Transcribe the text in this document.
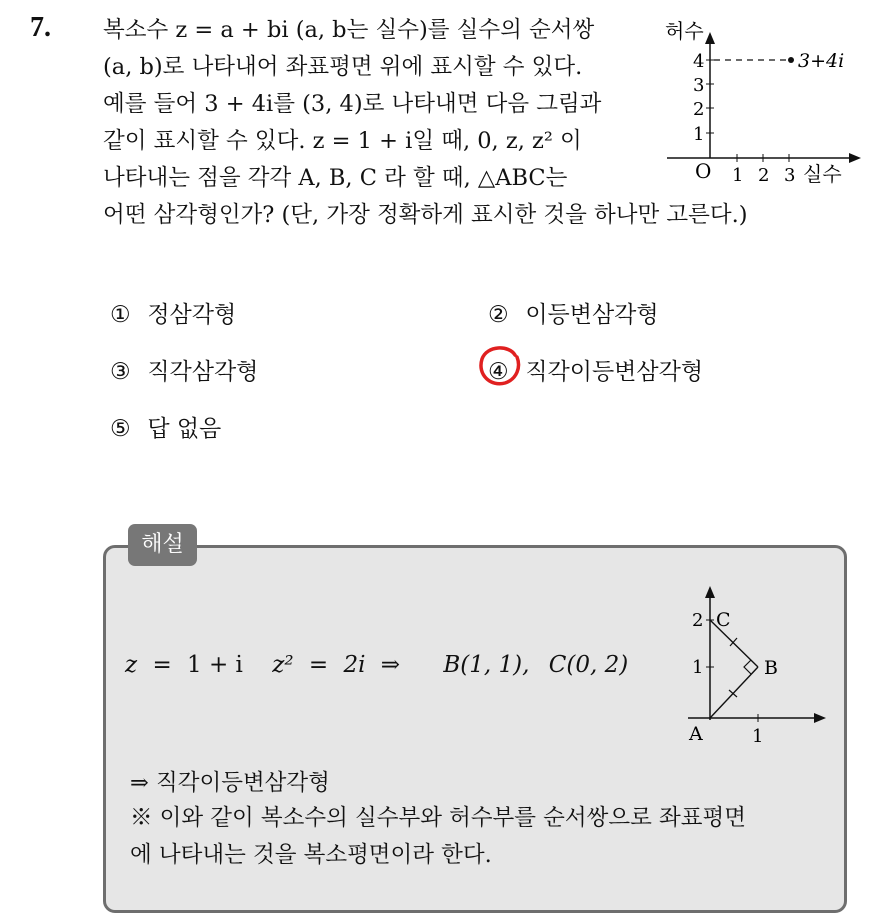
7. 복소수 z = a + bi (a, b는 실수)를 실수의 순서쌍
(a, b)로 나타내어 좌표평면 위에 표시할 수 있다.
예를 들어 3 + 4i를 (3, 4)로 나타내면 다음 그림과
같이 표시할 수 있다. z = 1 + i일 때, 0, z, z² 이
나타내는 점을 각각 A, B, C 라 할 때, △ABC는
어떤 삼각형인가? (단, 가장 정확하게 표시한 것을 하나만 고른다.)
허수
O
1
2
3
4
1 2 3 실수
3+4i
① 정삼각형	② 이등변삼각형
③ 직각삼각형	④ 직각이등변삼각형
⑤ 답 없음
해설
z = 1 + i z² = 2i ⇒ B(1, 1), C(0, 2)	1
2
1
A
B
C
⇒ 직각이등변삼각형
※ 이와 같이 복소수의 실수부와 허수부를 순서쌍으로 좌표평면
에 나타내는 것을 복소평면이라 한다.
